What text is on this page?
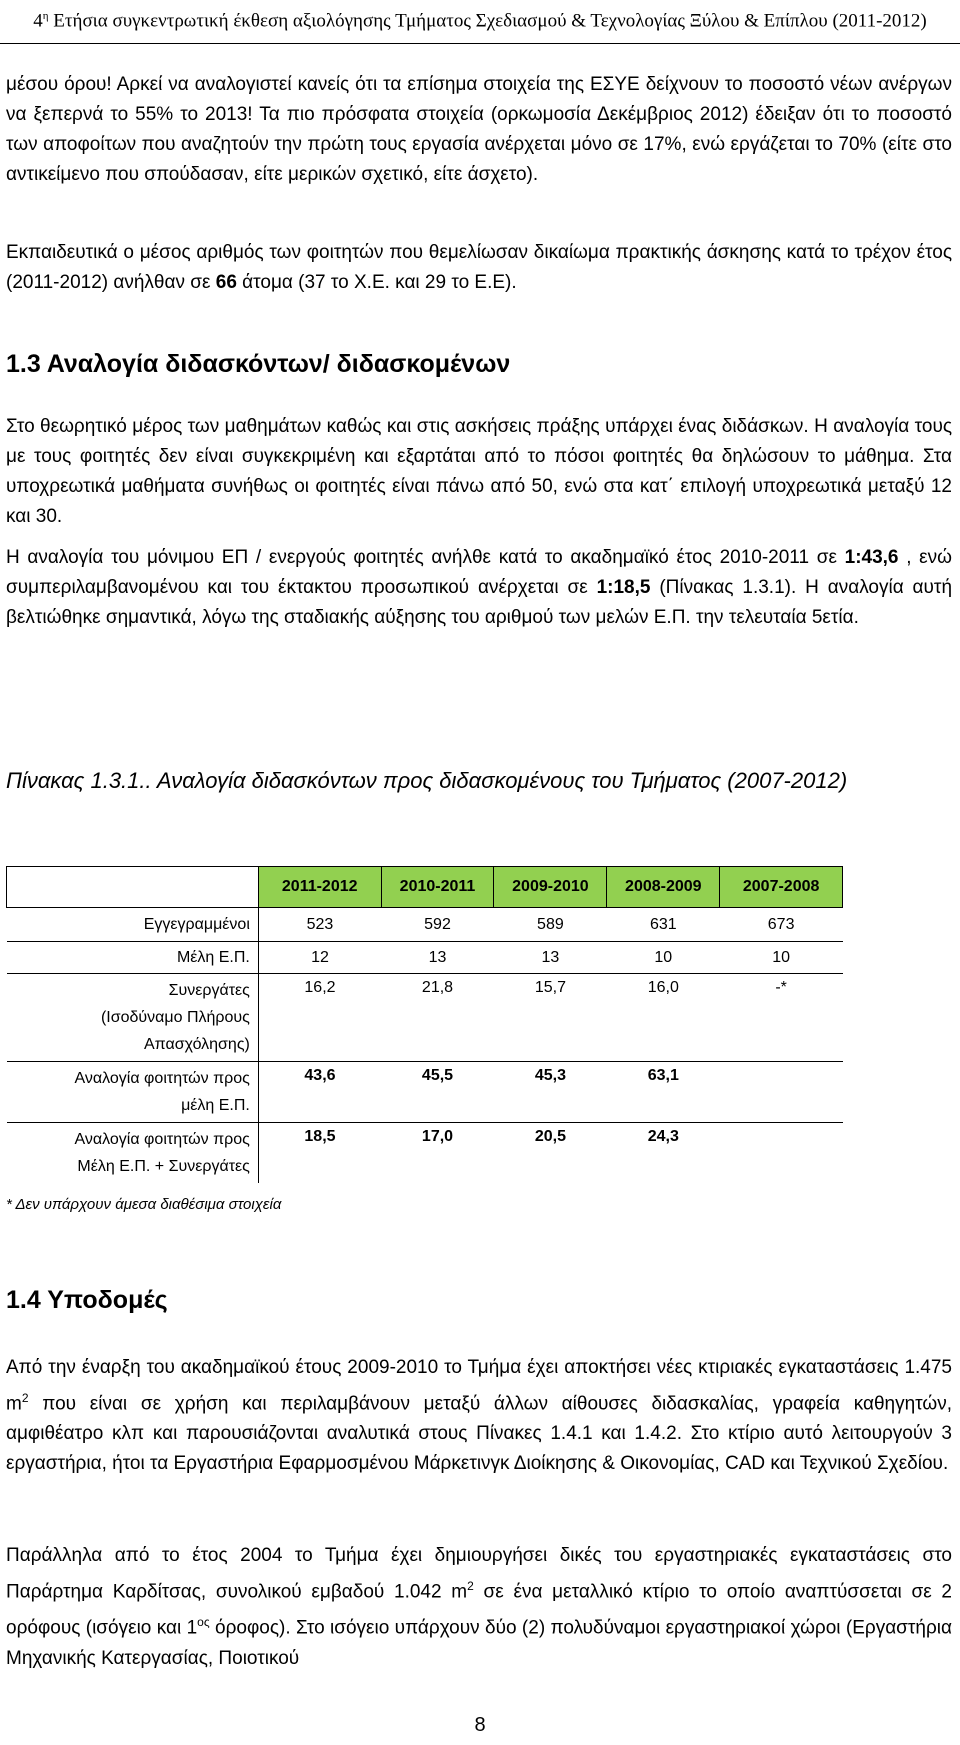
$4^\eta$ Ετήσια συγκεντρωτική έκθεση αξιολόγησης Τμήματος Σχεδιασμού & Τεχνολογίας Ξύλου & Επίπλου (2011-2012)

μέσου όρου! Αρκεί να αναλογιστεί κανείς ότι τα επίσημα στοιχεία της ΕΣΥΕ δείχνουν το ποσοστό νέων ανέργων να ξεπερνά το 55% το 2013! Τα πιο πρόσφατα στοιχεία (ορκωμοσία Δεκέμβριος 2012) έδειξαν ότι το ποσοστό των αποφοίτων που αναζητούν την πρώτη τους εργασία ανέρχεται μόνο σε 17%, ενώ εργάζεται το 70% (είτε στο αντικείμενο που σπούδασαν, είτε μερικών σχετικό, είτε άσχετο).

Εκπαιδευτικά ο μέσος αριθμός των φοιτητών που θεμελίωσαν δικαίωμα πρακτικής άσκησης κατά το τρέχον έτος (2011-2012) ανήλθαν σε 66 άτομα (37 το Χ.Ε. και 29 το Ε.Ε).

1.3 Αναλογία διδασκόντων/ διδασκομένων

Στο θεωρητικό μέρος των μαθημάτων καθώς και στις ασκήσεις πράξης υπάρχει ένας διδάσκων. Η αναλογία τους με τους φοιτητές δεν είναι συγκεκριμένη και εξαρτάται από το πόσοι φοιτητές θα δηλώσουν το μάθημα. Στα υποχρεωτικά μαθήματα συνήθως οι φοιτητές είναι πάνω από 50, ενώ στα κατ΄ επιλογή υποχρεωτικά μεταξύ 12 και 30.

Η αναλογία του μόνιμου ΕΠ / ενεργούς φοιτητές ανήλθε κατά το ακαδημαϊκό έτος 2010-2011 σε 1:43,6 , ενώ συμπεριλαμβανομένου και του έκτακτου προσωπικού ανέρχεται σε 1:18,5 (Πίνακας 1.3.1). Η αναλογία αυτή βελτιώθηκε σημαντικά, λόγω της σταδιακής αύξησης του αριθμού των μελών Ε.Π. την τελευταία 5ετία.

Πίνακας 1.3.1.. Αναλογία διδασκόντων προς διδασκομένους του Τμήματος (2007-2012)
	2011-2012	2010-2011	2009-2010	2008-2009	2007-2008
Εγγεγραμμένοι	523	592	589	631	673
Μέλη Ε.Π.	12	13	13	10	10

Συνεργάτες
(Ισοδύναμο Πλήρους
Απασχόλησης)	16,2	21,8	15,7	16,0	-*

Αναλογία φοιτητών προς
μέλη Ε.Π.	43,6	45,5	45,3	63,1	

Αναλογία φοιτητών προς
Μέλη Ε.Π. + Συνεργάτες	18,5	17,0	20,5	24,3	
* Δεν υπάρχουν άμεσα διαθέσιμα στοιχεία
1.4 Υποδομές

Από την έναρξη του ακαδημαϊκού έτους 2009-2010 το Τμήμα έχει αποκτήσει νέες κτιριακές εγκαταστάσεις 1.475 $m^2$ που είναι σε χρήση και περιλαμβάνουν μεταξύ άλλων αίθουσες διδασκαλίας, γραφεία καθηγητών, αμφιθέατρο κλπ και παρουσιάζονται αναλυτικά στους Πίνακες 1.4.1 και 1.4.2. Στο κτίριο αυτό λειτουργούν 3 εργαστήρια, ήτοι τα Εργαστήρια Εφαρμοσμένου Μάρκετινγκ Διοίκησης & Οικονομίας, CAD και Τεχνικού Σχεδίου.

Παράλληλα από το έτος 2004 το Τμήμα έχει δημιουργήσει δικές του εργαστηριακές εγκαταστάσεις στο Παράρτημα Καρδίτσας, συνολικού εμβαδού 1.042 $m^2$ σε ένα μεταλλικό κτίριο το οποίο αναπτύσσεται σε 2 ορόφους (ισόγειο και $1^{o\varsigma}$ όροφος). Στο ισόγειο υπάρχουν δύο (2) πολυδύναμοι εργαστηριακοί χώροι (Εργαστήρια Μηχανικής Κατεργασίας, Ποιοτικού

8
